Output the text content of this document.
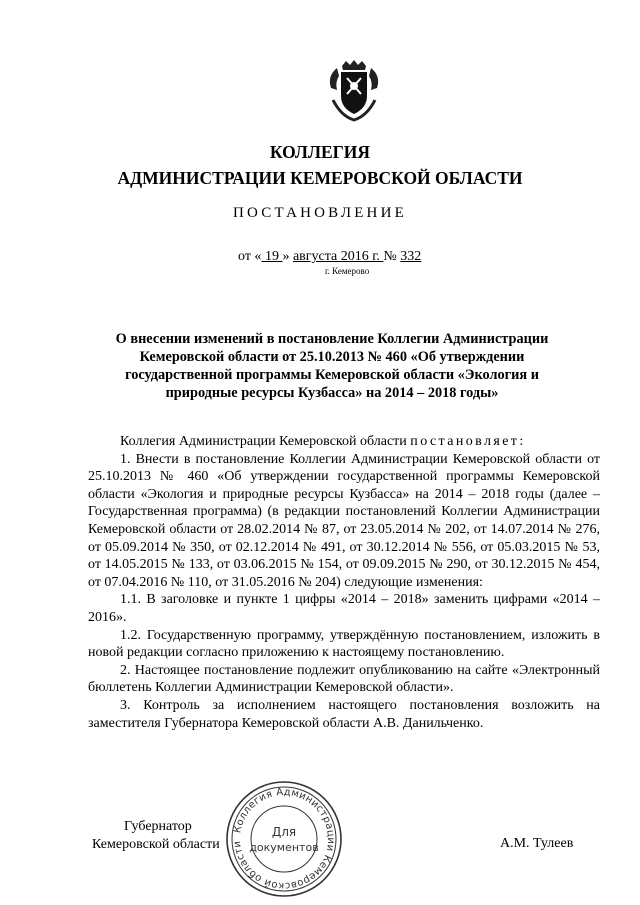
КОЛЛЕГИЯ
АДМИНИСТРАЦИИ КЕМЕРОВСКОЙ ОБЛАСТИ
ПОСТАНОВЛЕНИЕ
от « 19 » августа 2016 г. № 332
г. Кемерово
О внесении изменений в постановление Коллегии Администрации Кемеровской области от 25.10.2013 № 460 «Об утверждении государственной программы Кемеровской области «Экология и природные ресурсы Кузбасса» на 2014 – 2018 годы»

Коллегия Администрации Кемеровской области постановляет:

1. Внести в постановление Коллегии Администрации Кемеровской области от 25.10.2013 № 460 «Об утверждении государственной программы Кемеровской области «Экология и природные ресурсы Кузбасса» на 2014 – 2018 годы (далее – Государственная программа) (в редакции постановлений Коллегии Администрации Кемеровской области от 28.02.2014 № 87, от 23.05.2014 № 202, от 14.07.2014 № 276, от 05.09.2014 № 350, от 02.12.2014 № 491, от 30.12.2014 № 556, от 05.03.2015 № 53, от 14.05.2015 № 133, от 03.06.2015 № 154, от 09.09.2015 № 290, от 30.12.2015 № 454, от 07.04.2016 № 110, от 31.05.2016 № 204) следующие изменения:

1.1. В заголовке и пункте 1 цифры «2014 – 2018» заменить цифрами «2014 – 2016».

1.2. Государственную программу, утверждённую постановлением, изложить в новой редакции согласно приложению к настоящему постановлению.

2. Настоящее постановление подлежит опубликованию на сайте «Электронный бюллетень Коллегии Администрации Кемеровской области».

3. Контроль за исполнением настоящего постановления возложить на заместителя Губернатора Кемеровской области А.В. Данильченко.

Губернатор
Кемеровской области	А.М. Тулеев
Коллегия Администрации Кемеровской области
Для
документов
